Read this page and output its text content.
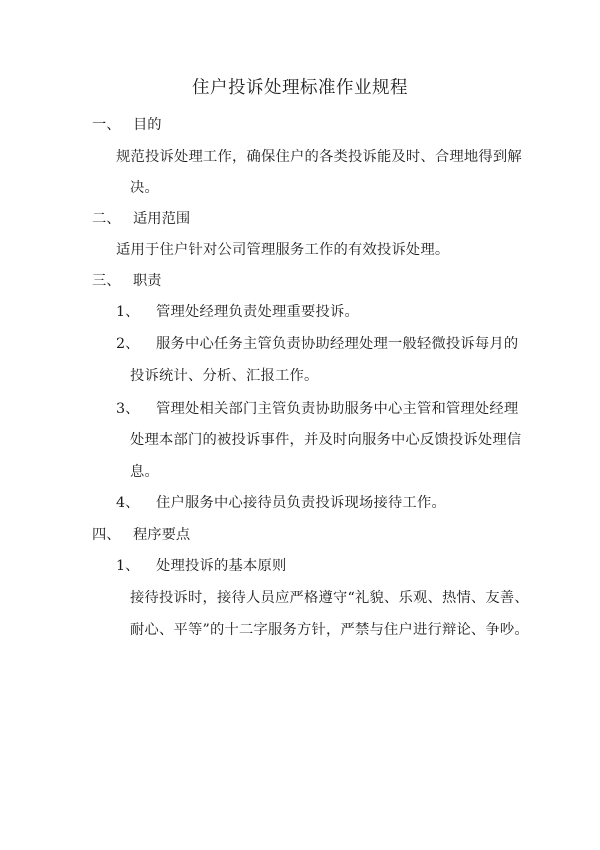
住户投诉处理标准作业规程
一、 目的
规范投诉处理工作，确保住户的各类投诉能及时、合理地得到解
决。
二、 适用范围
适用于住户针对公司管理服务工作的有效投诉处理。
三、 职责
1、 管理处经理负责处理重要投诉。
2、 服务中心任务主管负责协助经理处理一般轻微投诉每月的
投诉统计、分析、汇报工作。
3、 管理处相关部门主管负责协助服务中心主管和管理处经理
处理本部门的被投诉事件，并及时向服务中心反馈投诉处理信
息。
4、 住户服务中心接待员负责投诉现场接待工作。
四、 程序要点
1、 处理投诉的基本原则
接待投诉时，接待人员应严格遵守“礼貌、乐观、热情、友善、
耐心、平等”的十二字服务方针，严禁与住户进行辩论、争吵。
